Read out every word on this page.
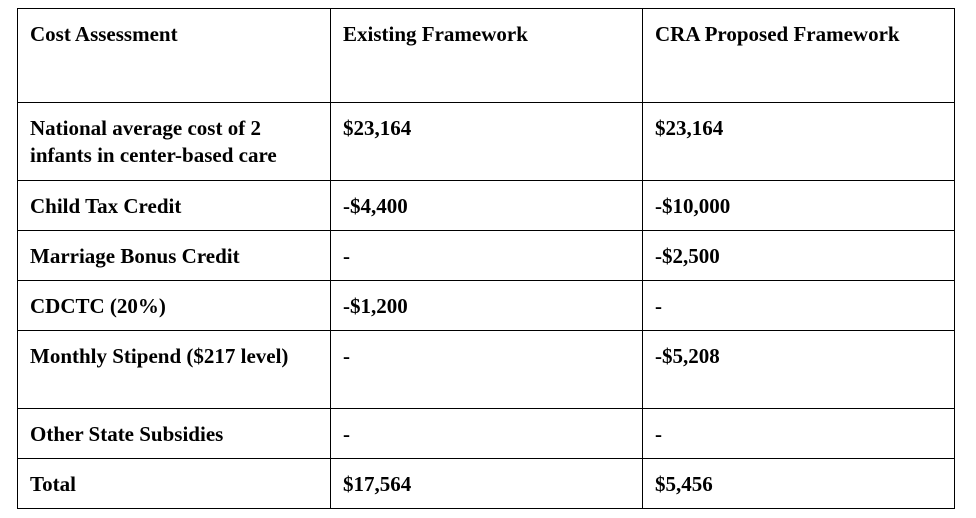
Cost Assessment	Existing Framework	CRA Proposed Framework
National average cost of 2 infants in center-based care	$23,164	$23,164
Child Tax Credit	-$4,400	-$10,000
Marriage Bonus Credit	-	-$2,500
CDCTC (20%)	-$1,200	-
Monthly Stipend ($217 level)	-	-$5,208
Other State Subsidies	-	-
Total	$17,564	$5,456
